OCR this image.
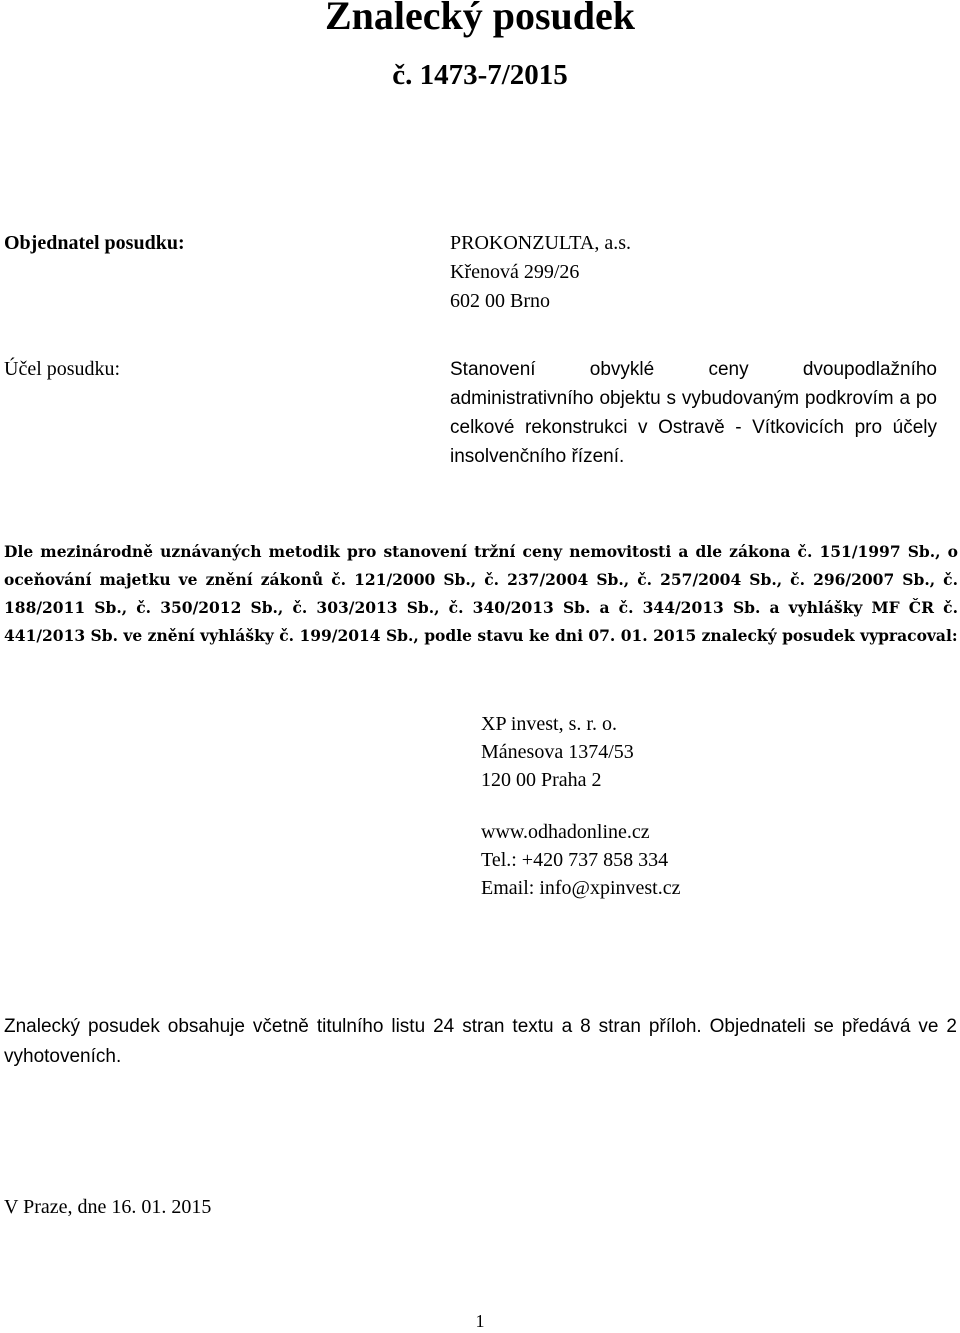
Znalecký posudek
č. 1473-7/2015
Objednatel posudku:	PROKONZULTA, a.s.
Křenová 299/26
602 00 Brno
Účel posudku:	Stanovení obvyklé ceny dvoupodlažního administrativního objektu s vybudovaným podkrovím a po celkové rekonstrukci v Ostravě - Vítkovicích pro účely insolvenčního řízení.
Dle mezinárodně uznávaných metodik pro stanovení tržní ceny nemovitosti a dle zákona č. 151/1997 Sb., o oceňování majetku ve znění zákonů č. 121/2000 Sb., č. 237/2004 Sb., č. 257/2004 Sb., č. 296/2007 Sb., č. 188/2011 Sb., č. 350/2012 Sb., č. 303/2013 Sb., č. 340/2013 Sb. a č. 344/2013 Sb. a vyhlášky MF ČR č. 441/2013 Sb. ve znění vyhlášky č. 199/2014 Sb., podle stavu ke dni 07. 01. 2015 znalecký posudek vypracoval:
XP invest, s. r. o.
Mánesova 1374/53
120 00 Praha 2
www.odhadonline.cz
Tel.: +420 737 858 334
Email: info@xpinvest.cz
Znalecký posudek obsahuje včetně titulního listu 24 stran textu a 8 stran příloh. Objednateli se předává ve 2 vyhotoveních.
V Praze, dne 16. 01. 2015
1
